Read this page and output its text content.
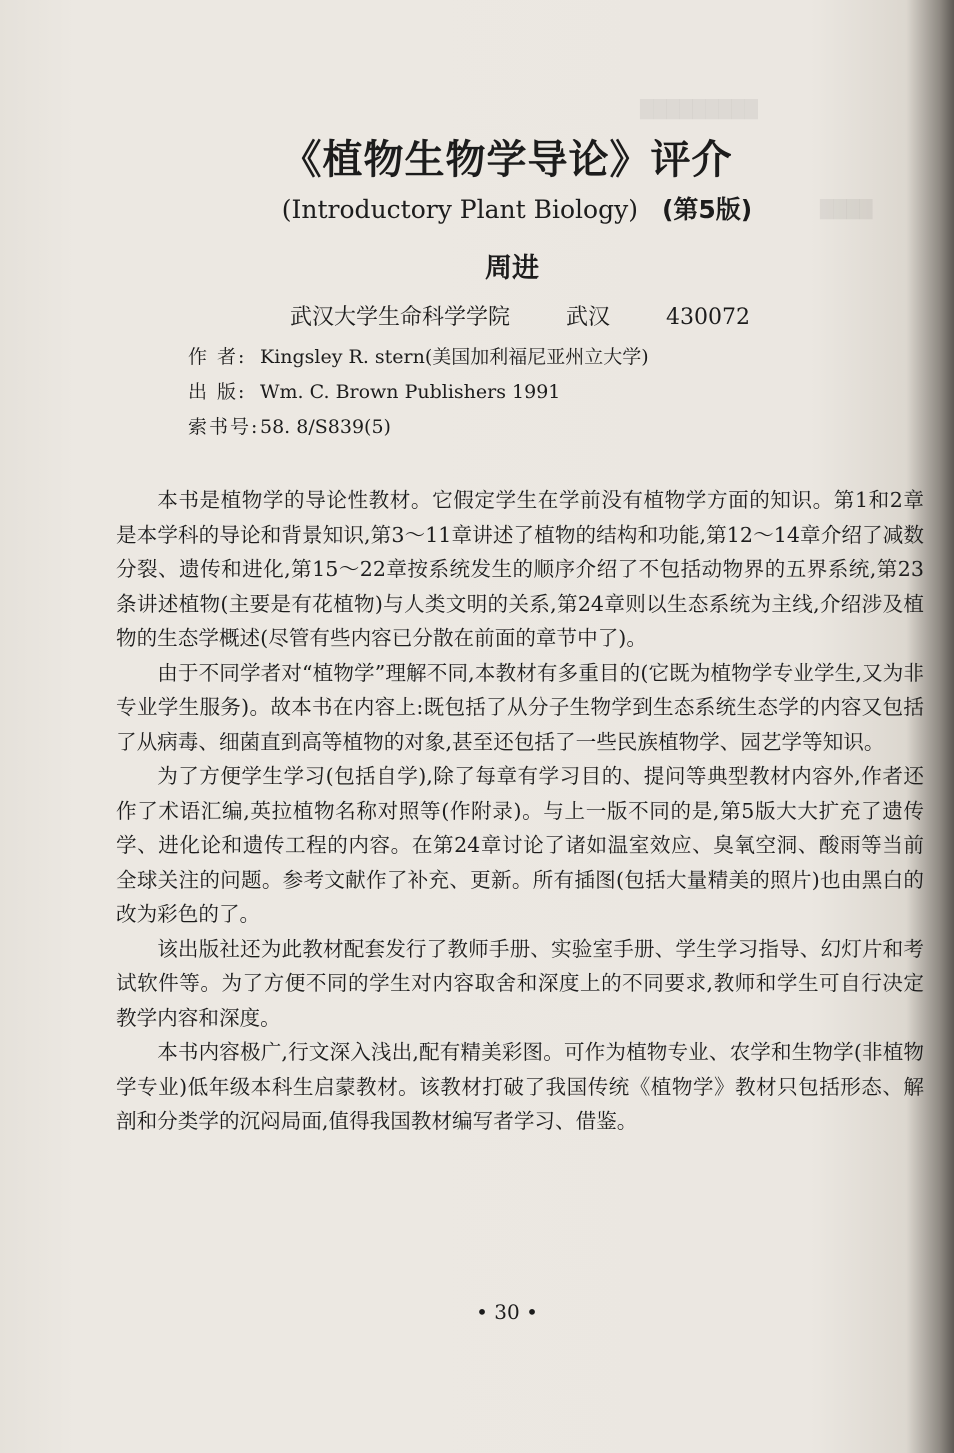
█████████
████
《植物生物学导论》评介
(Introductory Plant Biology) (第5版)
周进
武汉大学生命科学学院	武汉	430072
作 者: Kingsley R. stern(美国加利福尼亚州立大学)
出 版: Wm. C. Brown Publishers 1991
索书号:58. 8/S839(5)

本书是植物学的导论性教材。它假定学生在学前没有植物学方面的知识。第1和2章是本学科的导论和背景知识,第3～11章讲述了植物的结构和功能,第12～14章介绍了减数分裂、遗传和进化,第15～22章按系统发生的顺序介绍了不包括动物界的五界系统,第23条讲述植物(主要是有花植物)与人类文明的关系,第24章则以生态系统为主线,介绍涉及植物的生态学概述(尽管有些内容已分散在前面的章节中了)。

由于不同学者对“植物学”理解不同,本教材有多重目的(它既为植物学专业学生,又为非专业学生服务)。故本书在内容上:既包括了从分子生物学到生态系统生态学的内容又包括了从病毒、细菌直到高等植物的对象,甚至还包括了一些民族植物学、园艺学等知识。

为了方便学生学习(包括自学),除了每章有学习目的、提问等典型教材内容外,作者还作了术语汇编,英拉植物名称对照等(作附录)。与上一版不同的是,第5版大大扩充了遗传学、进化论和遗传工程的内容。在第24章讨论了诸如温室效应、臭氧空洞、酸雨等当前全球关注的问题。参考文献作了补充、更新。所有插图(包括大量精美的照片)也由黑白的改为彩色的了。

该出版社还为此教材配套发行了教师手册、实验室手册、学生学习指导、幻灯片和考试软件等。为了方便不同的学生对内容取舍和深度上的不同要求,教师和学生可自行决定教学内容和深度。

本书内容极广,行文深入浅出,配有精美彩图。可作为植物专业、农学和生物学(非植物学专业)低年级本科生启蒙教材。该教材打破了我国传统《植物学》教材只包括形态、解剖和分类学的沉闷局面,值得我国教材编写者学习、借鉴。

• 30 •
